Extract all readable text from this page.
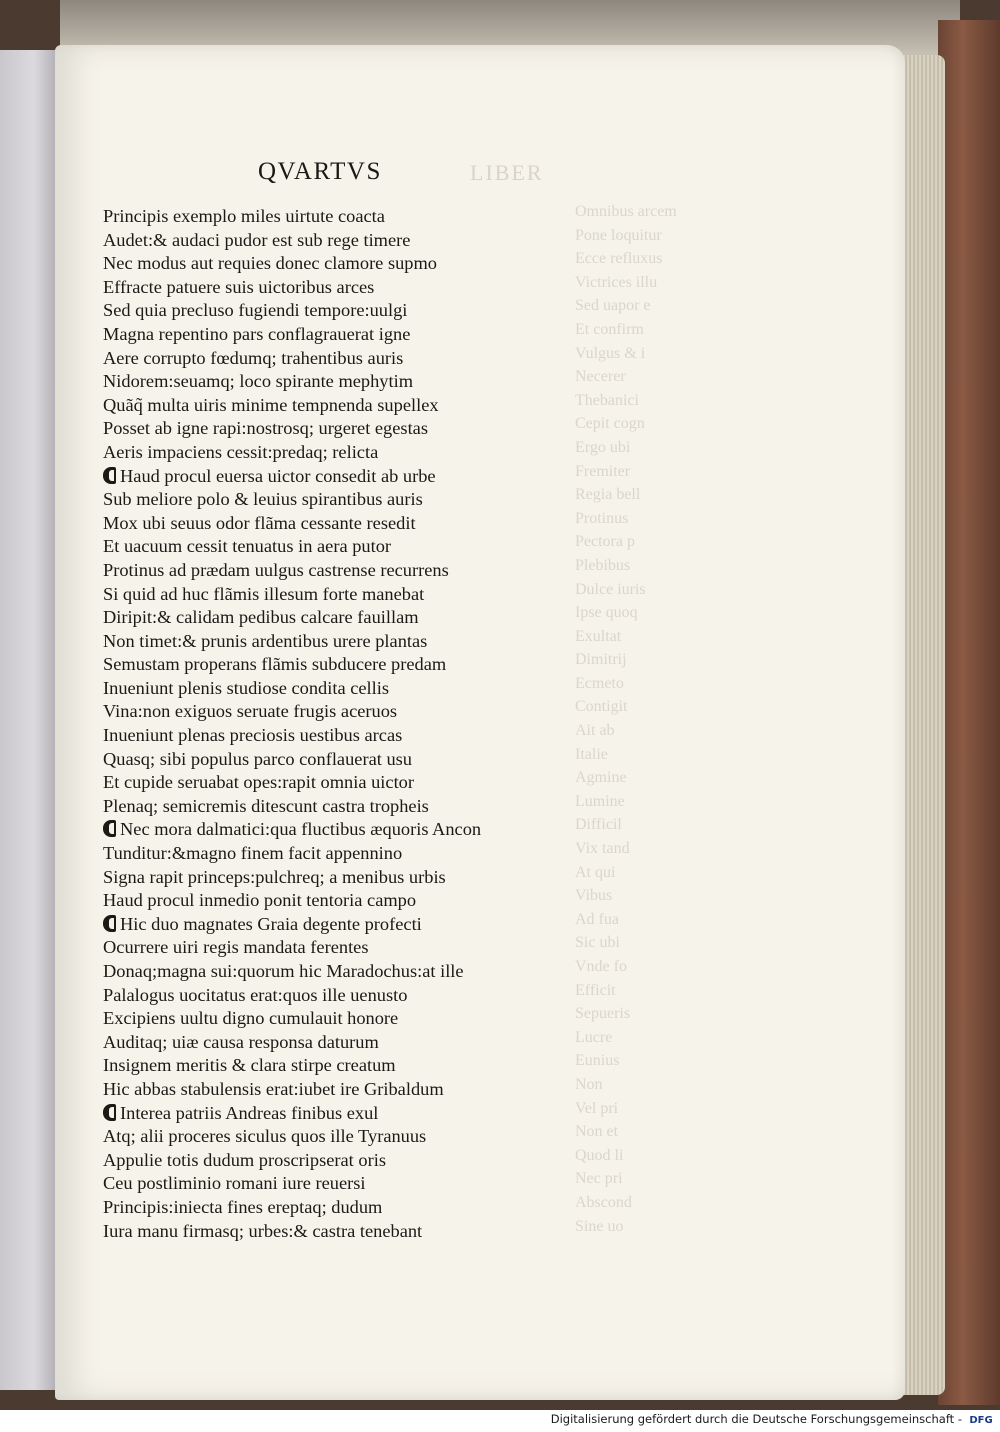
LIBER
Omnibus arcem
Pone loquitur
Ecce refluxus
Victrices illu
Sed uapor e
Et confirm
Vulgus & i
Necerer
Thebanici
Cepit cogn
Ergo ubi
Fremiter
Regia bell
Protinus
Pectora p
Plebibus
Dulce iuris
Ipse quoq
Exultat
Dimitrij
Ecmeto
Contigit
Ait ab
Italie
Agmine
Lumine
Difficil
Vix tand
At qui
Vibus
Ad fua
Sic ubi
Vnde fo
Efficit
Sepueris
Lucre
Eunius
Non
Vel pri
Non et
Quod li
Nec pri
Abscond
Sine uo
QVARTVS
Principis exemplo miles uirtute coacta
Audet:& audaci pudor est sub rege timere
Nec modus aut requies donec clamore supmo
Effracte patuere suis uictoribus arces
Sed quia precluso fugiendi tempore:uulgi
Magna repentino pars conflagrauerat igne
Aere corrupto fœdumq; trahentibus auris
Nidorem:seuamq; loco spirante mephytim
Quãq̃ multa uiris minime tempnenda supellex
Posset ab igne rapi:nostrosq; urgeret egestas
Aeris impaciens cessit:predaq; relicta
Haud procul euersa uictor consedit ab urbe
Sub meliore polo & leuius spirantibus auris
Mox ubi seuus odor flãma cessante resedit
Et uacuum cessit tenuatus in aera putor
Protinus ad prædam uulgus castrense recurrens
Si quid ad huc flãmis illesum forte manebat
Diripit:& calidam pedibus calcare fauillam
Non timet:& prunis ardentibus urere plantas
Semustam properans flãmis subducere predam
Inueniunt plenis studiose condita cellis
Vina:non exiguos seruate frugis aceruos
Inueniunt plenas preciosis uestibus arcas
Quasq; sibi populus parco conflauerat usu
Et cupide seruabat opes:rapit omnia uictor
Plenaq; semicremis ditescunt castra tropheis
Nec mora dalmatici:qua fluctibus æquoris Ancon
Tunditur:&magno finem facit appennino
Signa rapit princeps:pulchreq; a menibus urbis
Haud procul inmedio ponit tentoria campo
Hic duo magnates Graia degente profecti
Ocurrere uiri regis mandata ferentes
Donaq;magna sui:quorum hic Maradochus:at ille
Palalogus uocitatus erat:quos ille uenusto
Excipiens uultu digno cumulauit honore
Auditaq; uiæ causa responsa daturum
Insignem meritis & clara stirpe creatum
Hic abbas stabulensis erat:iubet ire Gribaldum
Interea patriis Andreas finibus exul
Atq; alii proceres siculus quos ille Tyranuus
Appulie totis dudum proscripserat oris
Ceu postliminio romani iure reuersi
Principis:iniecta fines ereptaq; dudum
Iura manu firmasq; urbes:& castra tenebant
Digitalisierung gefördert durch die Deutsche Forschungsgemeinschaft - DFG
